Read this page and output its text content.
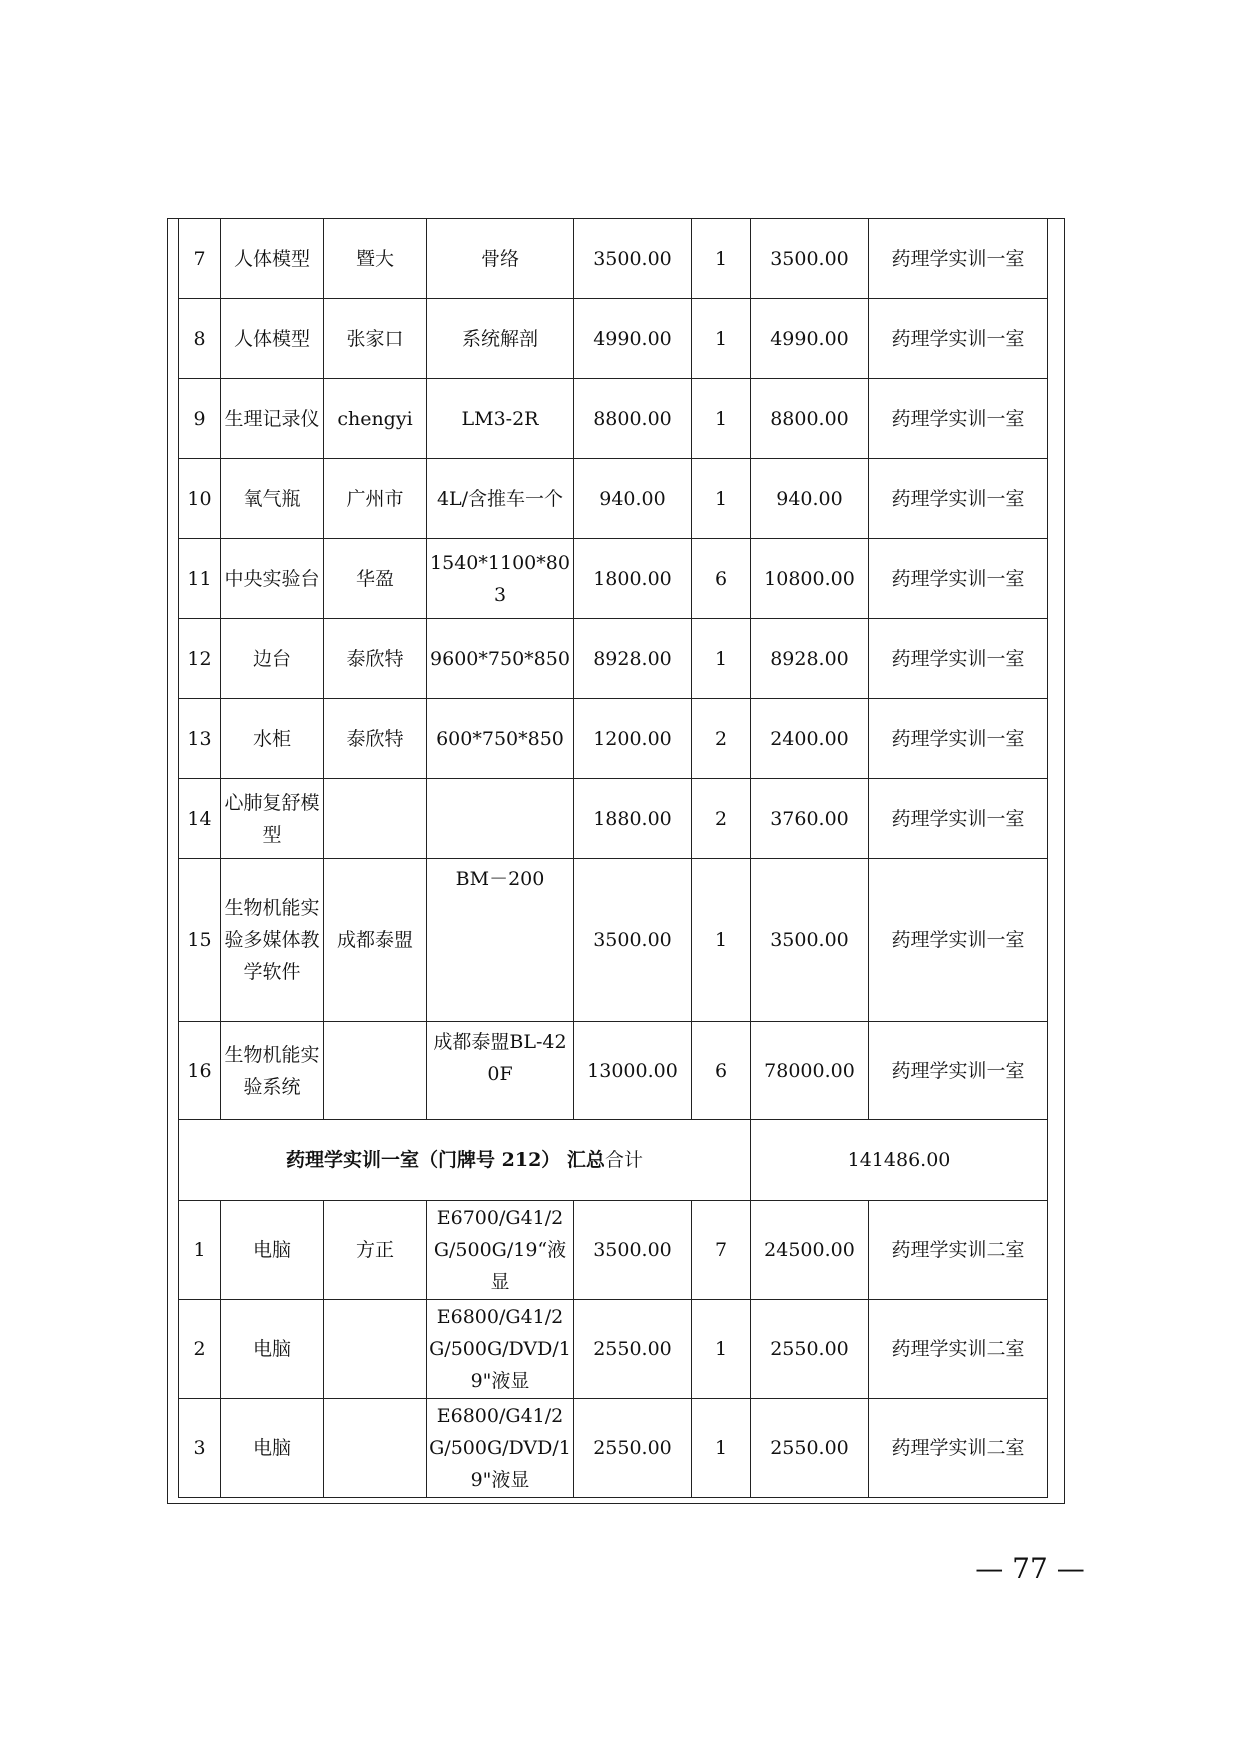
7	人体模型	暨大	骨络	3500.00	1	3500.00	药理学实训一室
8	人体模型	张家口	系统解剖	4990.00	1	4990.00	药理学实训一室
9	生理记录仪	chengyi	LM3-2R	8800.00	1	8800.00	药理学实训一室
10	氧气瓶	广州市	4L/含推车一个	940.00	1	940.00	药理学实训一室
11	中央实验台	华盈	1540*1100*803	1800.00	6	10800.00	药理学实训一室
12	边台	泰欣特	9600*750*850	8928.00	1	8928.00	药理学实训一室
13	水柜	泰欣特	600*750*850	1200.00	2	2400.00	药理学实训一室
14	心肺复舒模型			1880.00	2	3760.00	药理学实训一室
15	生物机能实验多媒体教学软件	成都泰盟	BM－200	3500.00	1	3500.00	药理学实训一室
16	生物机能实验系统		成都泰盟BL-420F	13000.00	6	78000.00	药理学实训一室
药理学实训一室（门牌号 212） 汇总合计						141486.00	
1	电脑	方正	E6700/G41/2G/500G/19“液显	3500.00	7	24500.00	药理学实训二室
2	电脑		E6800/G41/2G/500G/DVD/19"液显	2550.00	1	2550.00	药理学实训二室
3	电脑		E6800/G41/2G/500G/DVD/19"液显	2550.00	1	2550.00	药理学实训二室
— 77 —
